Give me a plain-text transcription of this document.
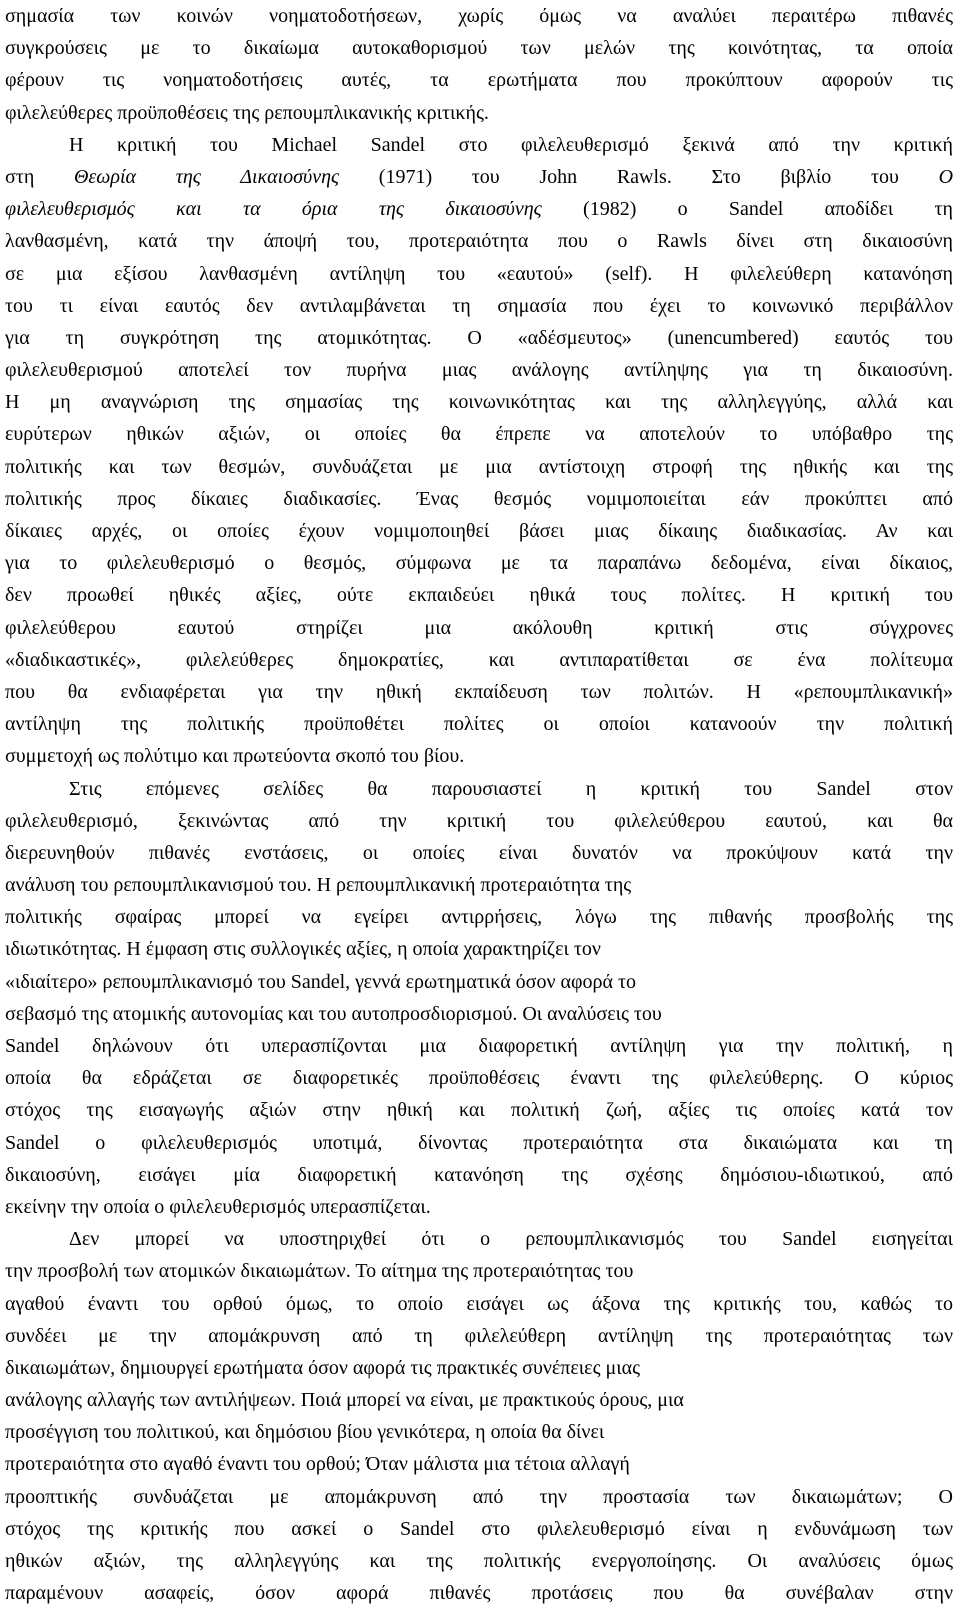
σημασία των κοινών νοηματοδοτήσεων, χωρίς όμως να αναλύει περαιτέρω πιθανές
συγκρούσεις με το δικαίωμα αυτοκαθορισμού των μελών της κοινότητας, τα οποία
φέρουν τις νοηματοδοτήσεις αυτές, τα ερωτήματα που προκύπτουν αφορούν τις
φιλελεύθερες προϋποθέσεις της ρεπουμπλικανικής κριτικής.
Η κριτική του Michael Sandel στο φιλελευθερισμό ξεκινά από την κριτική
στη Θεωρία της Δικαιοσύνης (1971) του John Rawls. Στο βιβλίο του Ο
φιλελευθερισμός και τα όρια της δικαιοσύνης (1982) ο Sandel αποδίδει τη
λανθασμένη, κατά την άποψή του, προτεραιότητα που ο Rawls δίνει στη δικαιοσύνη
σε μια εξίσου λανθασμένη αντίληψη του «εαυτού» (self). Η φιλελεύθερη κατανόηση
του τι είναι εαυτός δεν αντιλαμβάνεται τη σημασία που έχει το κοινωνικό περιβάλλον
για τη συγκρότηση της ατομικότητας. Ο «αδέσμευτος» (unencumbered) εαυτός του
φιλελευθερισμού αποτελεί τον πυρήνα μιας ανάλογης αντίληψης για τη δικαιοσύνη.
Η μη αναγνώριση της σημασίας της κοινωνικότητας και της αλληλεγγύης, αλλά και
ευρύτερων ηθικών αξιών, οι οποίες θα έπρεπε να αποτελούν το υπόβαθρο της
πολιτικής και των θεσμών, συνδυάζεται με μια αντίστοιχη στροφή της ηθικής και της
πολιτικής προς δίκαιες διαδικασίες. Ένας θεσμός νομιμοποιείται εάν προκύπτει από
δίκαιες αρχές, οι οποίες έχουν νομιμοποιηθεί βάσει μιας δίκαιης διαδικασίας. Αν και
για το φιλελευθερισμό ο θεσμός, σύμφωνα με τα παραπάνω δεδομένα, είναι δίκαιος,
δεν προωθεί ηθικές αξίες, ούτε εκπαιδεύει ηθικά τους πολίτες. Η κριτική του
φιλελεύθερου εαυτού στηρίζει μια ακόλουθη κριτική στις σύγχρονες
«διαδικαστικές», φιλελεύθερες δημοκρατίες, και αντιπαρατίθεται σε ένα πολίτευμα
που θα ενδιαφέρεται για την ηθική εκπαίδευση των πολιτών. Η «ρεπουμπλικανική»
αντίληψη της πολιτικής προϋποθέτει πολίτες οι οποίοι κατανοούν την πολιτική
συμμετοχή ως πολύτιμο και πρωτεύοντα σκοπό του βίου.
Στις επόμενες σελίδες θα παρουσιαστεί η κριτική του Sandel στον
φιλελευθερισμό, ξεκινώντας από την κριτική του φιλελεύθερου εαυτού, και θα
διερευνηθούν πιθανές ενστάσεις, οι οποίες είναι δυνατόν να προκύψουν κατά την
ανάλυση του ρεπουμπλικανισμού του. Η ρεπουμπλικανική προτεραιότητα της
πολιτικής σφαίρας μπορεί να εγείρει αντιρρήσεις, λόγω της πιθανής προσβολής της
ιδιωτικότητας. Η έμφαση στις συλλογικές αξίες, η οποία χαρακτηρίζει τον
«ιδιαίτερο» ρεπουμπλικανισμό του Sandel, γεννά ερωτηματικά όσον αφορά το
σεβασμό της ατομικής αυτονομίας και του αυτοπροσδιορισμού. Οι αναλύσεις του
Sandel δηλώνουν ότι υπερασπίζονται μια διαφορετική αντίληψη για την πολιτική, η
οποία θα εδράζεται σε διαφορετικές προϋποθέσεις έναντι της φιλελεύθερης. Ο κύριος
στόχος της εισαγωγής αξιών στην ηθική και πολιτική ζωή, αξίες τις οποίες κατά τον
Sandel ο φιλελευθερισμός υποτιμά, δίνοντας προτεραιότητα στα δικαιώματα και τη
δικαιοσύνη, εισάγει μία διαφορετική κατανόηση της σχέσης δημόσιου-ιδιωτικού, από
εκείνην την οποία ο φιλελευθερισμός υπερασπίζεται.
Δεν μπορεί να υποστηριχθεί ότι ο ρεπουμπλικανισμός του Sandel εισηγείται
την προσβολή των ατομικών δικαιωμάτων. Το αίτημα της προτεραιότητας του
αγαθού έναντι του ορθού όμως, το οποίο εισάγει ως άξονα της κριτικής του, καθώς το
συνδέει με την απομάκρυνση από τη φιλελεύθερη αντίληψη της προτεραιότητας των
δικαιωμάτων, δημιουργεί ερωτήματα όσον αφορά τις πρακτικές συνέπειες μιας
ανάλογης αλλαγής των αντιλήψεων. Ποιά μπορεί να είναι, με πρακτικούς όρους, μια
προσέγγιση του πολιτικού, και δημόσιου βίου γενικότερα, η οποία θα δίνει
προτεραιότητα στο αγαθό έναντι του ορθού; Όταν μάλιστα μια τέτοια αλλαγή
προοπτικής συνδυάζεται με απομάκρυνση από την προστασία των δικαιωμάτων; Ο
στόχος της κριτικής που ασκεί ο Sandel στο φιλελευθερισμό είναι η ενδυνάμωση των
ηθικών αξιών, της αλληλεγγύης και της πολιτικής ενεργοποίησης. Οι αναλύσεις όμως
παραμένουν ασαφείς, όσον αφορά πιθανές προτάσεις που θα συνέβαλαν στην
